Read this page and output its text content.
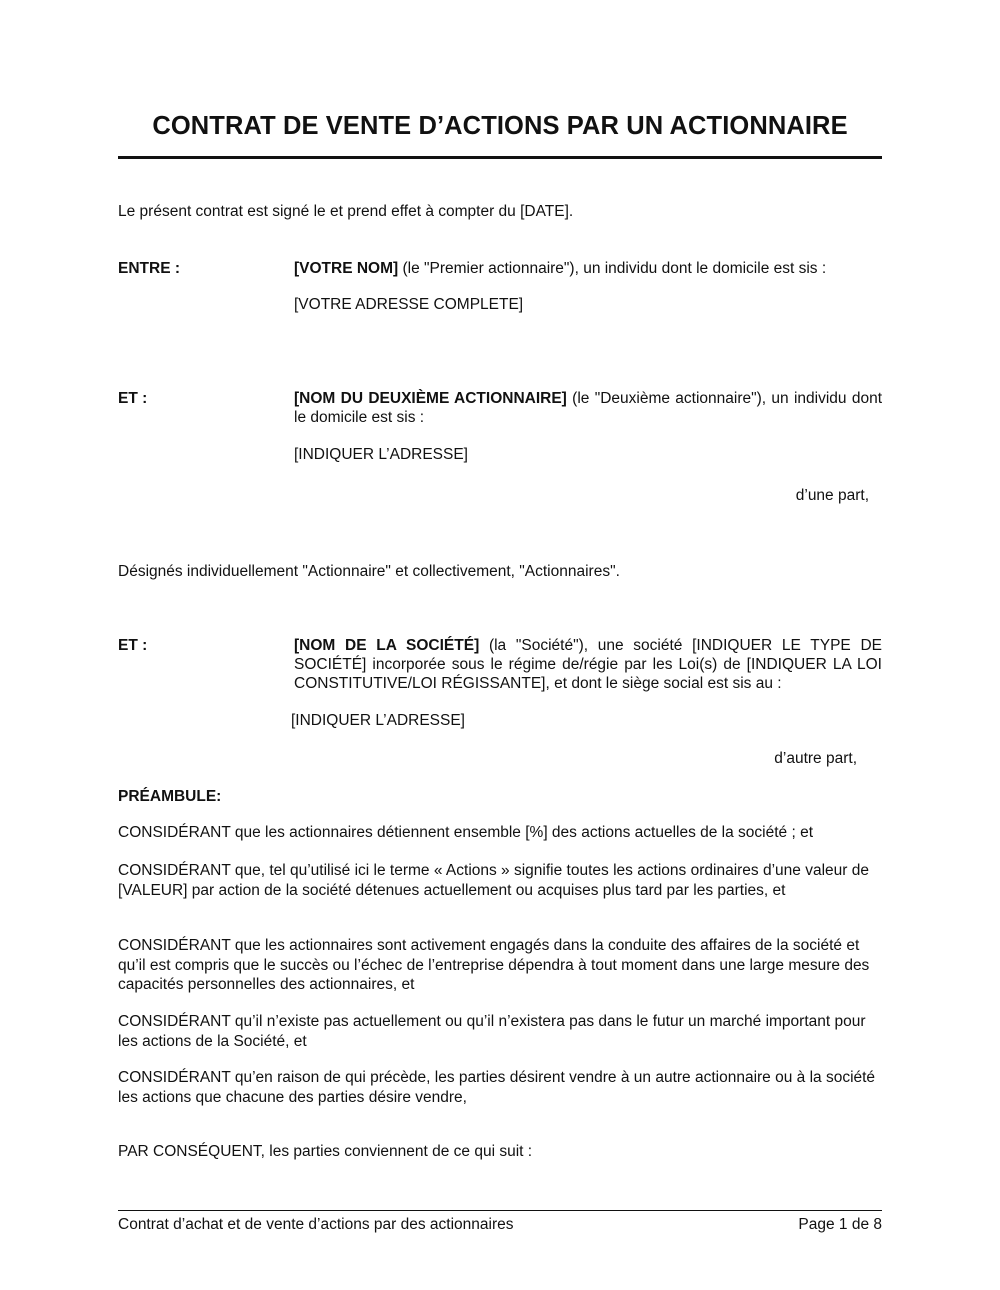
CONTRAT DE VENTE D’ACTIONS PAR UN ACTIONNAIRE
Le présent contrat est signé le et prend effet à compter du [DATE].
ENTRE :	[VOTRE NOM] (le "Premier actionnaire"), un individu dont le domicile est sis :
[VOTRE ADRESSE COMPLETE]
ET :	[NOM DU DEUXIÈME ACTIONNAIRE] (le "Deuxième actionnaire"), un individu dont le domicile est sis :
[INDIQUER L’ADRESSE]
d’une part,
Désignés individuellement "Actionnaire" et collectivement, "Actionnaires".
ET :	[NOM DE LA SOCIÉTÉ] (la "Société"), une société [INDIQUER LE TYPE DE SOCIÉTÉ] incorporée sous le régime de/régie par les Loi(s) de [INDIQUER LA LOI CONSTITUTIVE/LOI RÉGISSANTE], et dont le siège social est sis au :
[INDIQUER L’ADRESSE]
d’autre part,
PRÉAMBULE:
CONSIDÉRANT que les actionnaires détiennent ensemble [%] des actions actuelles de la société ; et
CONSIDÉRANT que, tel qu’utilisé ici le terme « Actions » signifie toutes les actions ordinaires d’une valeur de [VALEUR] par action de la société détenues actuellement ou acquises plus tard par les parties, et
CONSIDÉRANT que les actionnaires sont activement engagés dans la conduite des affaires de la société et qu’il est compris que le succès ou l’échec de l’entreprise dépendra à tout moment dans une large mesure des capacités personnelles des actionnaires, et
CONSIDÉRANT qu’il n’existe pas actuellement ou qu’il n’existera pas dans le futur un marché important pour les actions de la Société, et
CONSIDÉRANT qu’en raison de qui précède, les parties désirent vendre à un autre actionnaire ou à la société les actions que chacune des parties désire vendre,
PAR CONSÉQUENT, les parties conviennent de ce qui suit :
Contrat d’achat et de vente d’actions par des actionnaires	Page 1 de 8
